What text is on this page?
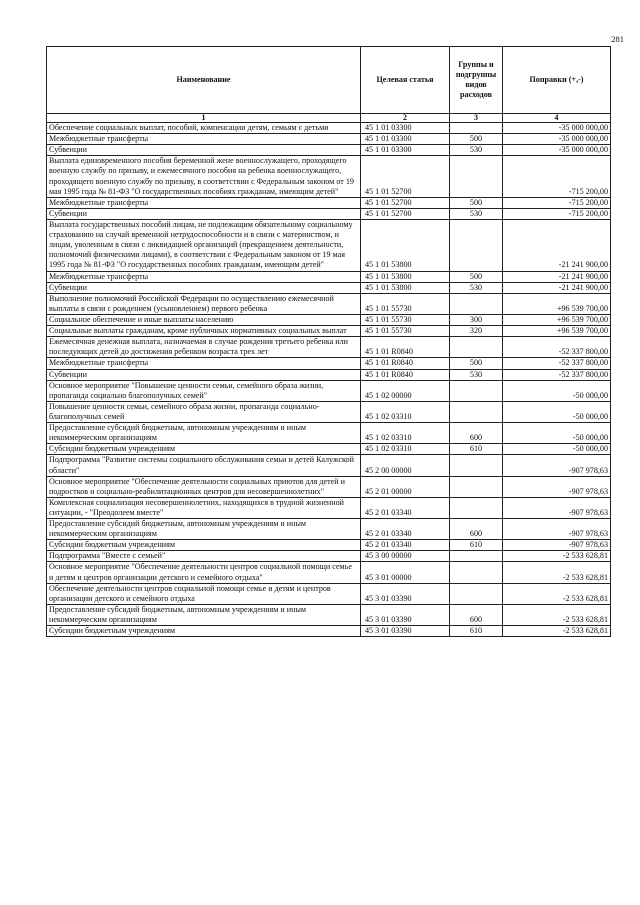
281
Наименование	Целевая статья	Группы и подгруппы видов расходов	Поправки (+,-)
1	2	3	4
Обеспечение социальных выплат, пособий, компенсации детям, семьям с детьми	45 1 01 03300		-35 000 000,00
Межбюджетные трансферты	45 1 01 03300	500	-35 000 000,00
Субвенции	45 1 01 03300	530	-35 000 000,00
Выплата единовременного пособия беременной жене военнослужащего, проходящего военную службу по призыву, и ежемесячного пособия на ребенка военнослужащего, проходящего военную службу по призыву, в соответствии с Федеральным законом от 19 мая 1995 года № 81-ФЗ "О государственных пособиях гражданам, имеющим детей"	45 1 01 52700		-715 200,00
Межбюджетные трансферты	45 1 01 52700	500	-715 200,00
Субвенции	45 1 01 52700	530	-715 200,00
Выплата государственных пособий лицам, не подлежащим обязательному социальному страхованию на случай временной нетрудоспособности и в связи с материнством, и лицам, уволенным в связи с ликвидацией организаций (прекращением деятельности, полномочий физическими лицами), в соответствии с Федеральным законом от 19 мая 1995 года № 81-ФЗ "О государственных пособиях гражданам, имеющим детей"	45 1 01 53800		-21 241 900,00
Межбюджетные трансферты	45 1 01 53800	500	-21 241 900,00
Субвенции	45 1 01 53800	530	-21 241 900,00
Выполнение полномочий Российской Федерации по осуществлению ежемесячной выплаты в связи с рождением (усыновлением) первого ребенка	45 1 01 55730		+96 539 700,00
Социальное обеспечение и иные выплаты населению	45 1 01 55730	300	+96 539 700,00
Социальные выплаты гражданам, кроме публичных нормативных социальных выплат	45 1 01 55730	320	+96 539 700,00
Ежемесячная денежная выплата, назначаемая в случае рождения третьего ребенка или последующих детей до достижения ребенком возраста трех лет	45 1 01 R0840		-52 337 800,00
Межбюджетные трансферты	45 1 01 R0840	500	-52 337 800,00
Субвенции	45 1 01 R0840	530	-52 337 800,00
Основное мероприятие "Повышение ценности семьи, семейного образа жизни, пропаганда социально благополучных семей"	45 1 02 00000		-50 000,00
Повышение ценности семьи, семейного образа жизни, пропаганда социально-благополучных семей	45 1 02 03310		-50 000,00
Предоставление субсидий бюджетным, автономным учреждениям и иным некоммерческим организациям	45 1 02 03310	600	-50 000,00
Субсидии бюджетным учреждениям	45 1 02 03310	610	-50 000,00
Подпрограмма "Развитие системы социального обслуживания семьи и детей Калужской области"	45 2 00 00000		-907 978,63
Основное мероприятие "Обеспечение деятельности социальных приютов для детей и подростков и социально-реабилитационных центров для несовершеннолетних"	45 2 01 00000		-907 978,63
Комплексная социализация несовершеннолетних, находящихся в трудной жизненной ситуации, - "Преодолеем вместе"	45 2 01 03340		-907 978,63
Предоставление субсидий бюджетным, автономным учреждениям и иным некоммерческим организациям	45 2 01 03340	600	-907 978,63
Субсидии бюджетным учреждениям	45 2 01 03340	610	-907 978,63
Подпрограмма "Вместе с семьей"	45 3 00 00000		-2 533 628,81
Основное мероприятие "Обеспечение деятельности центров социальной помощи семье и детям и центров организации детского и семейного отдыха"	45 3 01 00000		-2 533 628,81
Обеспечение деятельности центров социальной помощи семье и детям и центров организации детского и семейного отдыха	45 3 01 03390		-2 533 628,81
Предоставление субсидий бюджетным, автономным учреждениям и иным некоммерческим организациям	45 3 01 03390	600	-2 533 628,81
Субсидии бюджетным учреждениям	45 3 01 03390	610	-2 533 628,81
